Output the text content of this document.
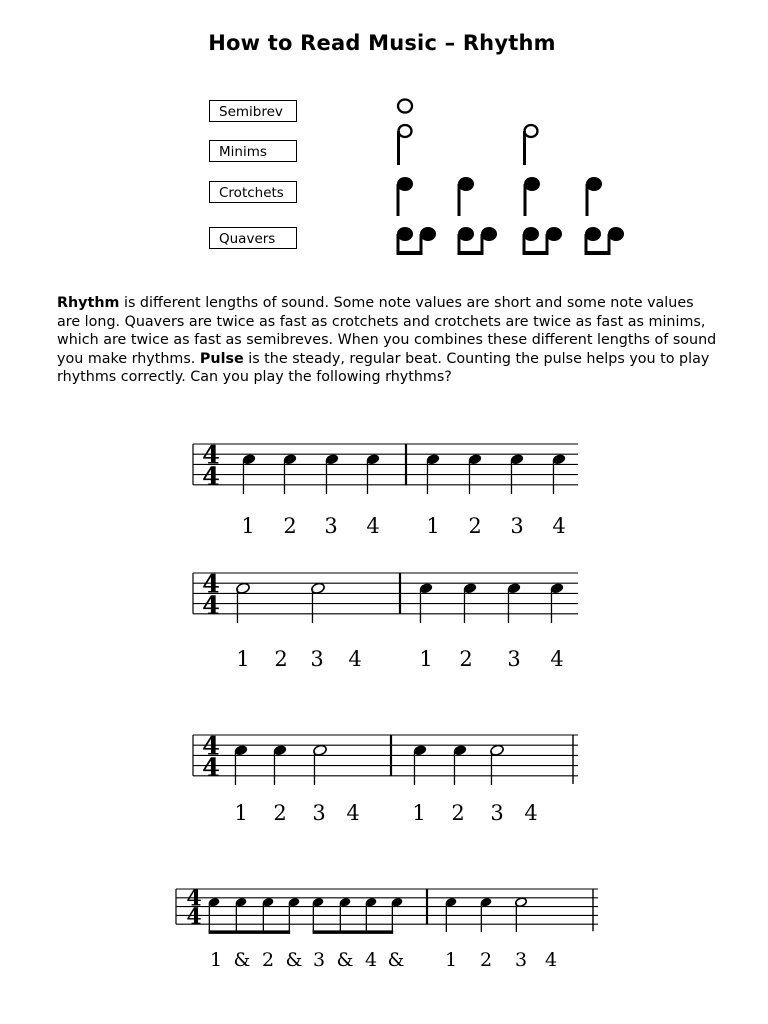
How to Read Music – Rhythm
Semibrev
Minims
Crotchets
Quavers
Rhythm is different lengths of sound. Some note values are short and some note values are long. Quavers are twice as fast as crotchets and crotchets are twice as fast as minims, which are twice as fast as semibreves. When you combines these different lengths of sound you make rhythms. Pulse is the steady, regular beat. Counting the pulse helps you to play rhythms correctly. Can you play the following rhythms?
4
4
1 2 3 4 1 2 3 4
4
4
1 2 3 4	1 2 3 4
4
4
1 2 3 4	1 2 3 4
4
4
1 & 2 & 3 & 4 & 1 2 3 4
